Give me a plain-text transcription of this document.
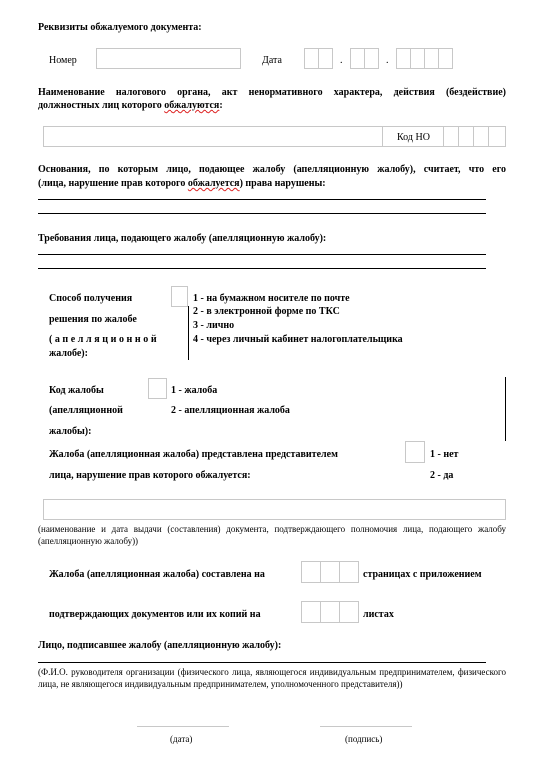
Реквизиты обжалуемого документа:
Номер	Дата	.	.
Наименование налогового органа, акт ненормативного характера, действия (бездействие)
должностных лиц которого обжалуются:
Код НО
Основания, по которым лицо, подающее жалобу (апелляционную жалобу), считает, что его
(лица, нарушение прав которого обжалуется) права нарушены:
Требования лица, подающего жалобу (апелляционную жалобу):
Способ получения
решения по жалобе
(апелляционной
жалобе):
1 - на бумажном носителе по почте
2 - в электронной форме по ТКС
3 - лично
4 - через личный кабинет налогоплательщика
Код жалобы
(апелляционной
жалобы):
1 - жалоба
2 - апелляционная жалоба
Жалоба (апелляционная жалоба) представлена представителем
лица, нарушение прав которого обжалуется:
1 - нет
2 - да
(наименование и дата выдачи (составления) документа, подтверждающего полномочия лица, подающего жалобу (апелляционную жалобу))
Жалоба (апелляционная жалоба) составлена на	страницах с приложением
подтверждающих документов или их копий на	листах
Лицо, подписавшее жалобу (апелляционную жалобу):
(Ф.И.О. руководителя организации (физического лица, являющегося индивидуальным предпринимателем, физического лица, не являющегося индивидуальным предпринимателем, уполномоченного представителя))
(дата)	(подпись)
